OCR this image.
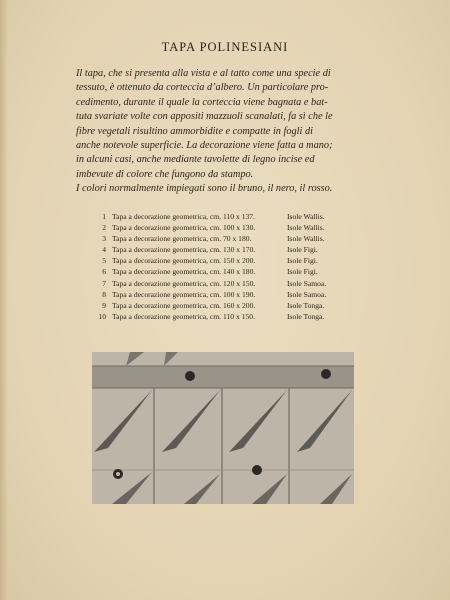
TAPA POLINESIANI

Il tapa, che si presenta alla vista e al tatto come una specie di
tessuto, è ottenuto da corteccia d’albero. Un particolare pro-
cedimento, durante il quale la corteccia viene bagnata e bat-
tuta svariate volte con appositi mazzuoli scanalati, fa sì che le
fibre vegetali risultino ammorbidite e compatte in fogli di
anche notevole superficie. La decorazione viene fatta a mano;
in alcuni casi, anche mediante tavolette di legno incise ed
imbevute di colore che fungono da stampo.
I colori normalmente impiegati sono il bruno, il nero, il rosso.

1 Tapa a decorazione geometrica, cm. 110 x 137.	Isole Wallis.
2 Tapa a decorazione geometrica, cm. 100 x 130.	Isole Wallis.
3 Tapa a decorazione geometrica, cm. 70 x 180.	Isole Wallis.
4 Tapa a decorazione geometrica, cm. 130 x 170.	Isole Figi.
5 Tapa a decorazione geometrica, cm. 150 x 200.	Isole Figi.
6 Tapa a decorazione geometrica, cm. 140 x 180.	Isole Figi.
7 Tapa a decorazione geometrica, cm. 120 x 150.	Isole Samoa.
8 Tapa a decorazione geometrica, cm. 100 x 190.	Isole Samoa.
9 Tapa a decorazione geometrica, cm. 160 x 200.	Isole Tonga.
10 Tapa a decorazione geometrica, cm. 110 x 150.	Isole Tonga.
